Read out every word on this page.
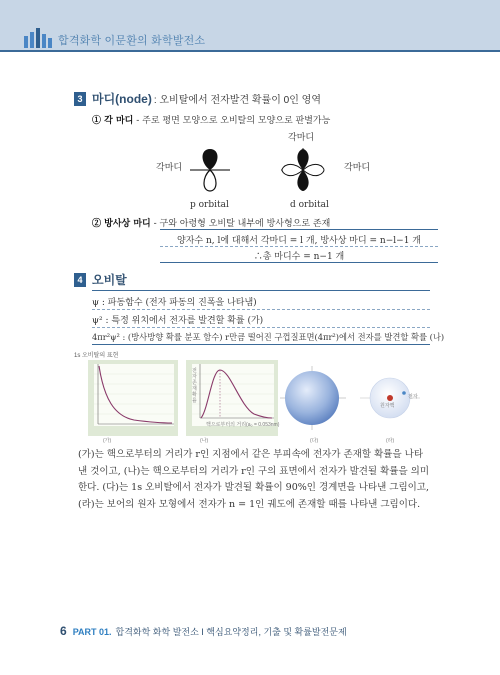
합격화학 이문환의 화학발전소
3 마디(node) : 오비탈에서 전자발견 확률이 0인 영역
① 각 마디 - 주로 평면 모양으로 오비탈의 모양으로 판별가능
각마디
p orbital
각마디
각마디
d orbital
② 방사상 마디 - 구와 아령형 오비탈 내부에 방사형으로 존재
양자수 n, l에 대해서 각마디 = l 개, 방사상 마디 = n−l−1 개
∴총 마디수 = n−1 개
4 오비탈
ψ : 파동함수 (전자 파동의 진폭을 나타냄)
ψ² : 특정 위치에서 전자를 발견할 확률 (가)
4πr²ψ² : (방사방향 확률 분포 함수) r만큼 떨어진 구껍질표면(4πr²)에서 전자를 발견할 확률 (나)
1s 오비탈의 표현
(가)	(나)	(다)	(라)
전자 존재 확률
핵으로부터의 거리(a₀ = 0.053nm)
원자핵
전자
(가)는 핵으로부터의 거리가 r인 지점에서 같은 부피속에 전자가 존재할 확률을 나타낸 것이고, (나)는 핵으로부터의 거리가 r인 구의 표면에서 전자가 발견될 확률을 의미한다. (다)는 1s 오비탈에서 전자가 발견될 확률이 90%인 경계면을 나타낸 그림이고, (라)는 보어의 원자 모형에서 전자가 n = 1인 궤도에 존재할 때를 나타낸 그림이다.
6 PART 01. 합격화학 화학 발전소 I 핵심요약정리, 기출 및 확률발전문제
